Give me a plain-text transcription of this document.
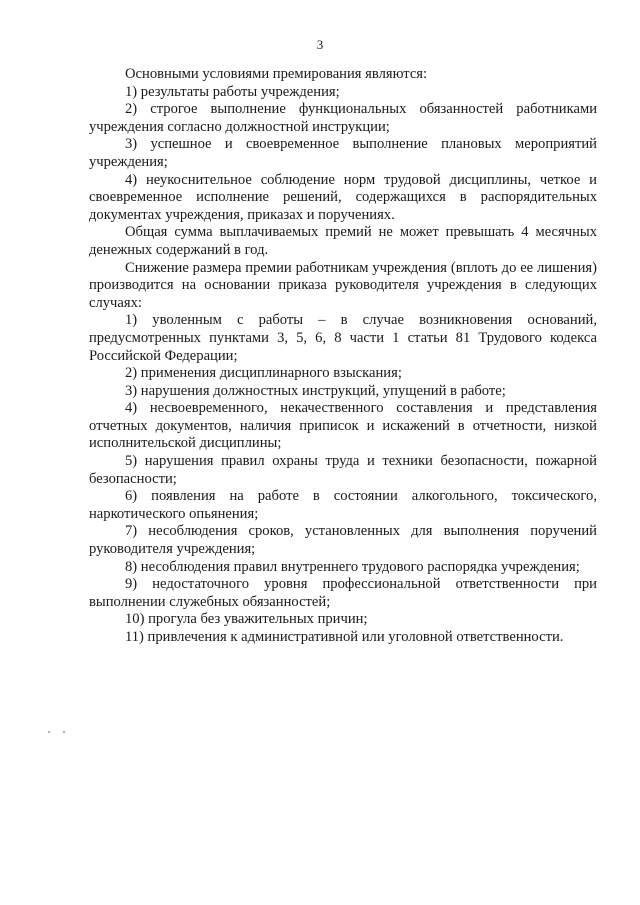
3

Основными условиями премирования являются:

1) результаты работы учреждения;

2) строгое выполнение функциональных обязанностей работниками учреждения согласно должностной инструкции;

3) успешное и своевременное выполнение плановых мероприятий учреждения;

4) неукоснительное соблюдение норм трудовой дисциплины, четкое и своевременное исполнение решений, содержащихся в распорядительных документах учреждения, приказах и поручениях.

Общая сумма выплачиваемых премий не может превышать 4 месячных денежных содержаний в год.

Снижение размера премии работникам учреждения (вплоть до ее лишения) производится на основании приказа руководителя учреждения в следующих случаях:

1) уволенным с работы – в случае возникновения оснований, предусмотренных пунктами 3, 5, 6, 8 части 1 статьи 81 Трудового кодекса Российской Федерации;

2) применения дисциплинарного взыскания;

3) нарушения должностных инструкций, упущений в работе;

4) несвоевременного, некачественного составления и представления отчетных документов, наличия приписок и искажений в отчетности, низкой исполнительской дисциплины;

5) нарушения правил охраны труда и техники безопасности, пожарной безопасности;

6) появления на работе в состоянии алкогольного, токсического, наркотического опьянения;

7) несоблюдения сроков, установленных для выполнения поручений руководителя учреждения;

8) несоблюдения правил внутреннего трудового распорядка учреждения;

9) недостаточного уровня профессиональной ответственности при выполнении служебных обязанностей;

10) прогула без уважительных причин;

11) привлечения к административной или уголовной ответственности.
